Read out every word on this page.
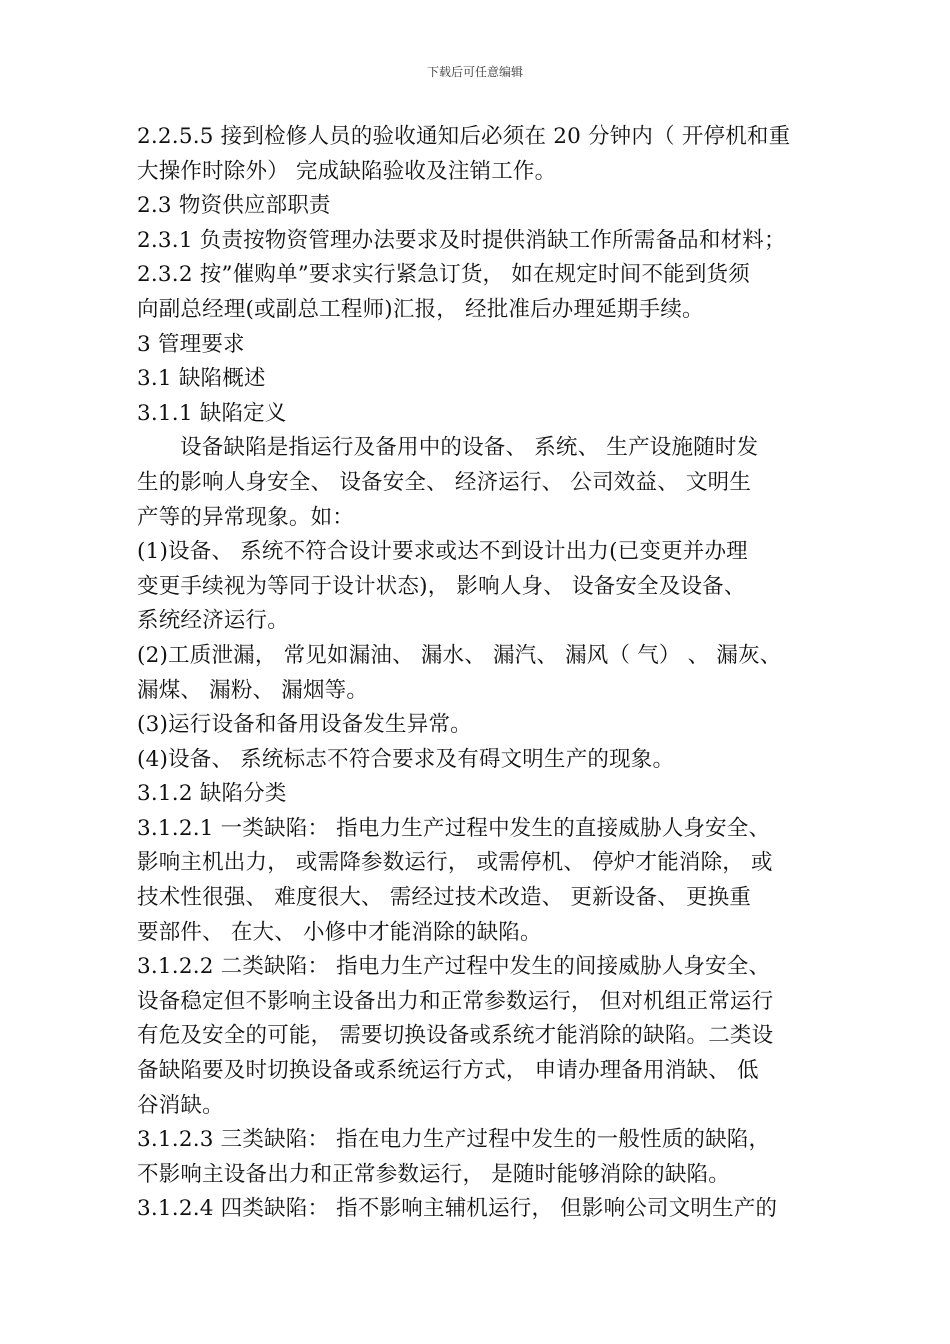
下载后可任意编辑
2.2.5.5 接到检修人员的验收通知后必须在 20 分钟内（ 开停机和重
大操作时除外） 完成缺陷验收及注销工作。
2.3 物资供应部职责
2.3.1 负责按物资管理办法要求及时提供消缺工作所需备品和材料；
2.3.2 按”催购单”要求实行紧急订货， 如在规定时间不能到货须
向副总经理(或副总工程师)汇报， 经批准后办理延期手续。
3 管理要求
3.1 缺陷概述
3.1.1 缺陷定义
设备缺陷是指运行及备用中的设备、 系统、 生产设施随时发
生的影响人身安全、 设备安全、 经济运行、 公司效益、 文明生
产等的异常现象。如：
(1)设备、 系统不符合设计要求或达不到设计出力(已变更并办理
变更手续视为等同于设计状态)， 影响人身、 设备安全及设备、
系统经济运行。
(2)工质泄漏， 常见如漏油、 漏水、 漏汽、 漏风（ 气） 、 漏灰、
漏煤、 漏粉、 漏烟等。
(3)运行设备和备用设备发生异常。
(4)设备、 系统标志不符合要求及有碍文明生产的现象。
3.1.2 缺陷分类
3.1.2.1 一类缺陷： 指电力生产过程中发生的直接威胁人身安全、
影响主机出力， 或需降参数运行， 或需停机、 停炉才能消除， 或
技术性很强、 难度很大、 需经过技术改造、 更新设备、 更换重
要部件、 在大、 小修中才能消除的缺陷。
3.1.2.2 二类缺陷： 指电力生产过程中发生的间接威胁人身安全、
设备稳定但不影响主设备出力和正常参数运行， 但对机组正常运行
有危及安全的可能， 需要切换设备或系统才能消除的缺陷。二类设
备缺陷要及时切换设备或系统运行方式， 申请办理备用消缺、 低
谷消缺。
3.1.2.3 三类缺陷： 指在电力生产过程中发生的一般性质的缺陷，
不影响主设备出力和正常参数运行， 是随时能够消除的缺陷。
3.1.2.4 四类缺陷： 指不影响主辅机运行， 但影响公司文明生产的
